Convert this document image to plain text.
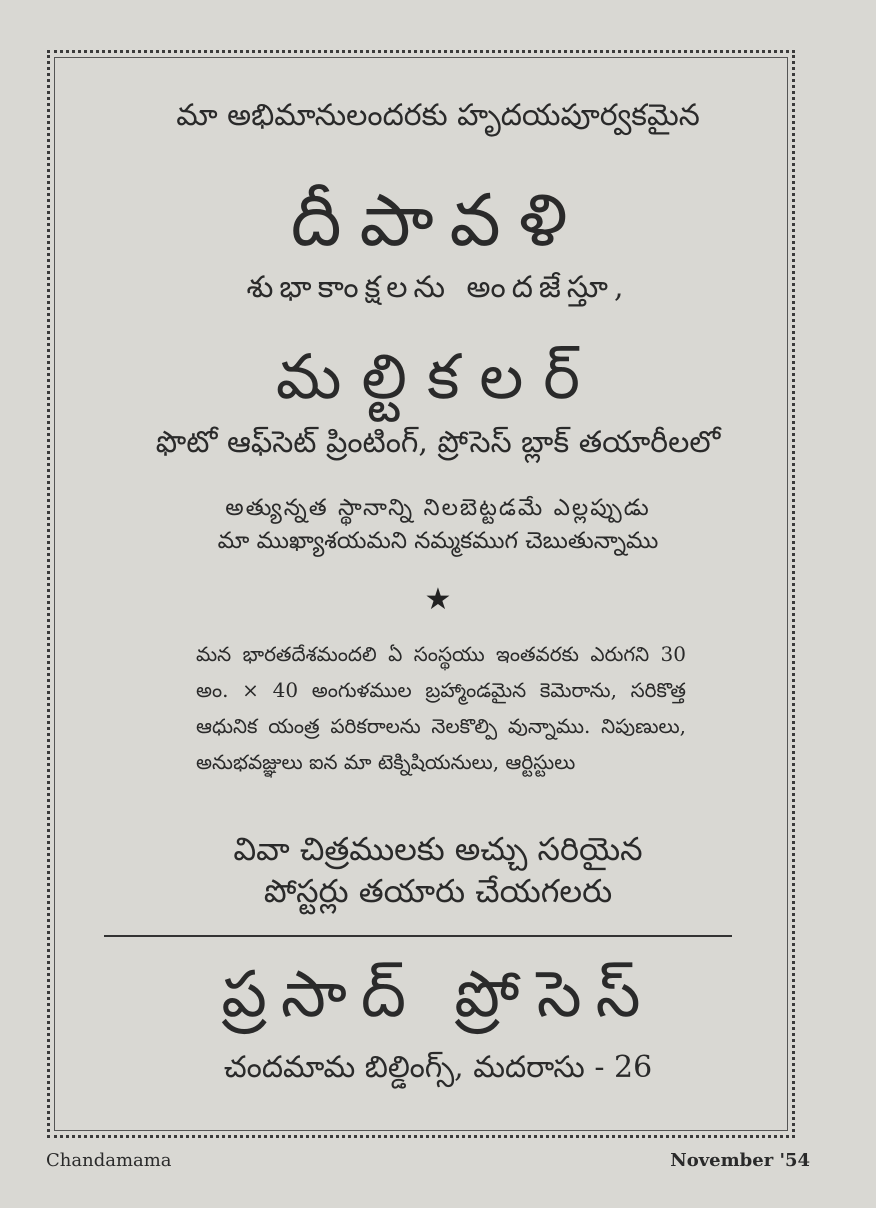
మా అభిమానులందరకు హృదయపూర్వకమైన
దీపావళి
శుభాకాంక్షలను అందజేస్తూ,
మల్టికలర్
ఫొటో ఆఫ్‌సెట్ ప్రింటింగ్, ప్రోసెస్ బ్లాక్ తయారీలలో
అత్యున్నత స్థానాన్ని నిలబెట్టడమే ఎల్లప్పుడు
మా ముఖ్యాశయమని నమ్మకముగ చెబుతున్నాము
★
మన భారతదేశమందలి ఏ సంస్థయు ఇంతవరకు ఎరుగని 30 అం. × 40 అంగుళముల బ్రహ్మాండమైన కెమెరాను, సరికొత్త ఆధునిక యంత్ర పరికరాలను నెలకొల్పి వున్నాము. నిపుణులు, అనుభవజ్ఞులు ఐన మా టెక్నిషియనులు, ఆర్టిస్టులు
వివా చిత్రములకు అచ్చు సరియైన
పోస్టర్లు తయారు చేయగలరు
ప్రసాద్ ప్రోసెస్
చందమామ బిల్డింగ్స్, మదరాసు - 26
Chandamama	November '54
